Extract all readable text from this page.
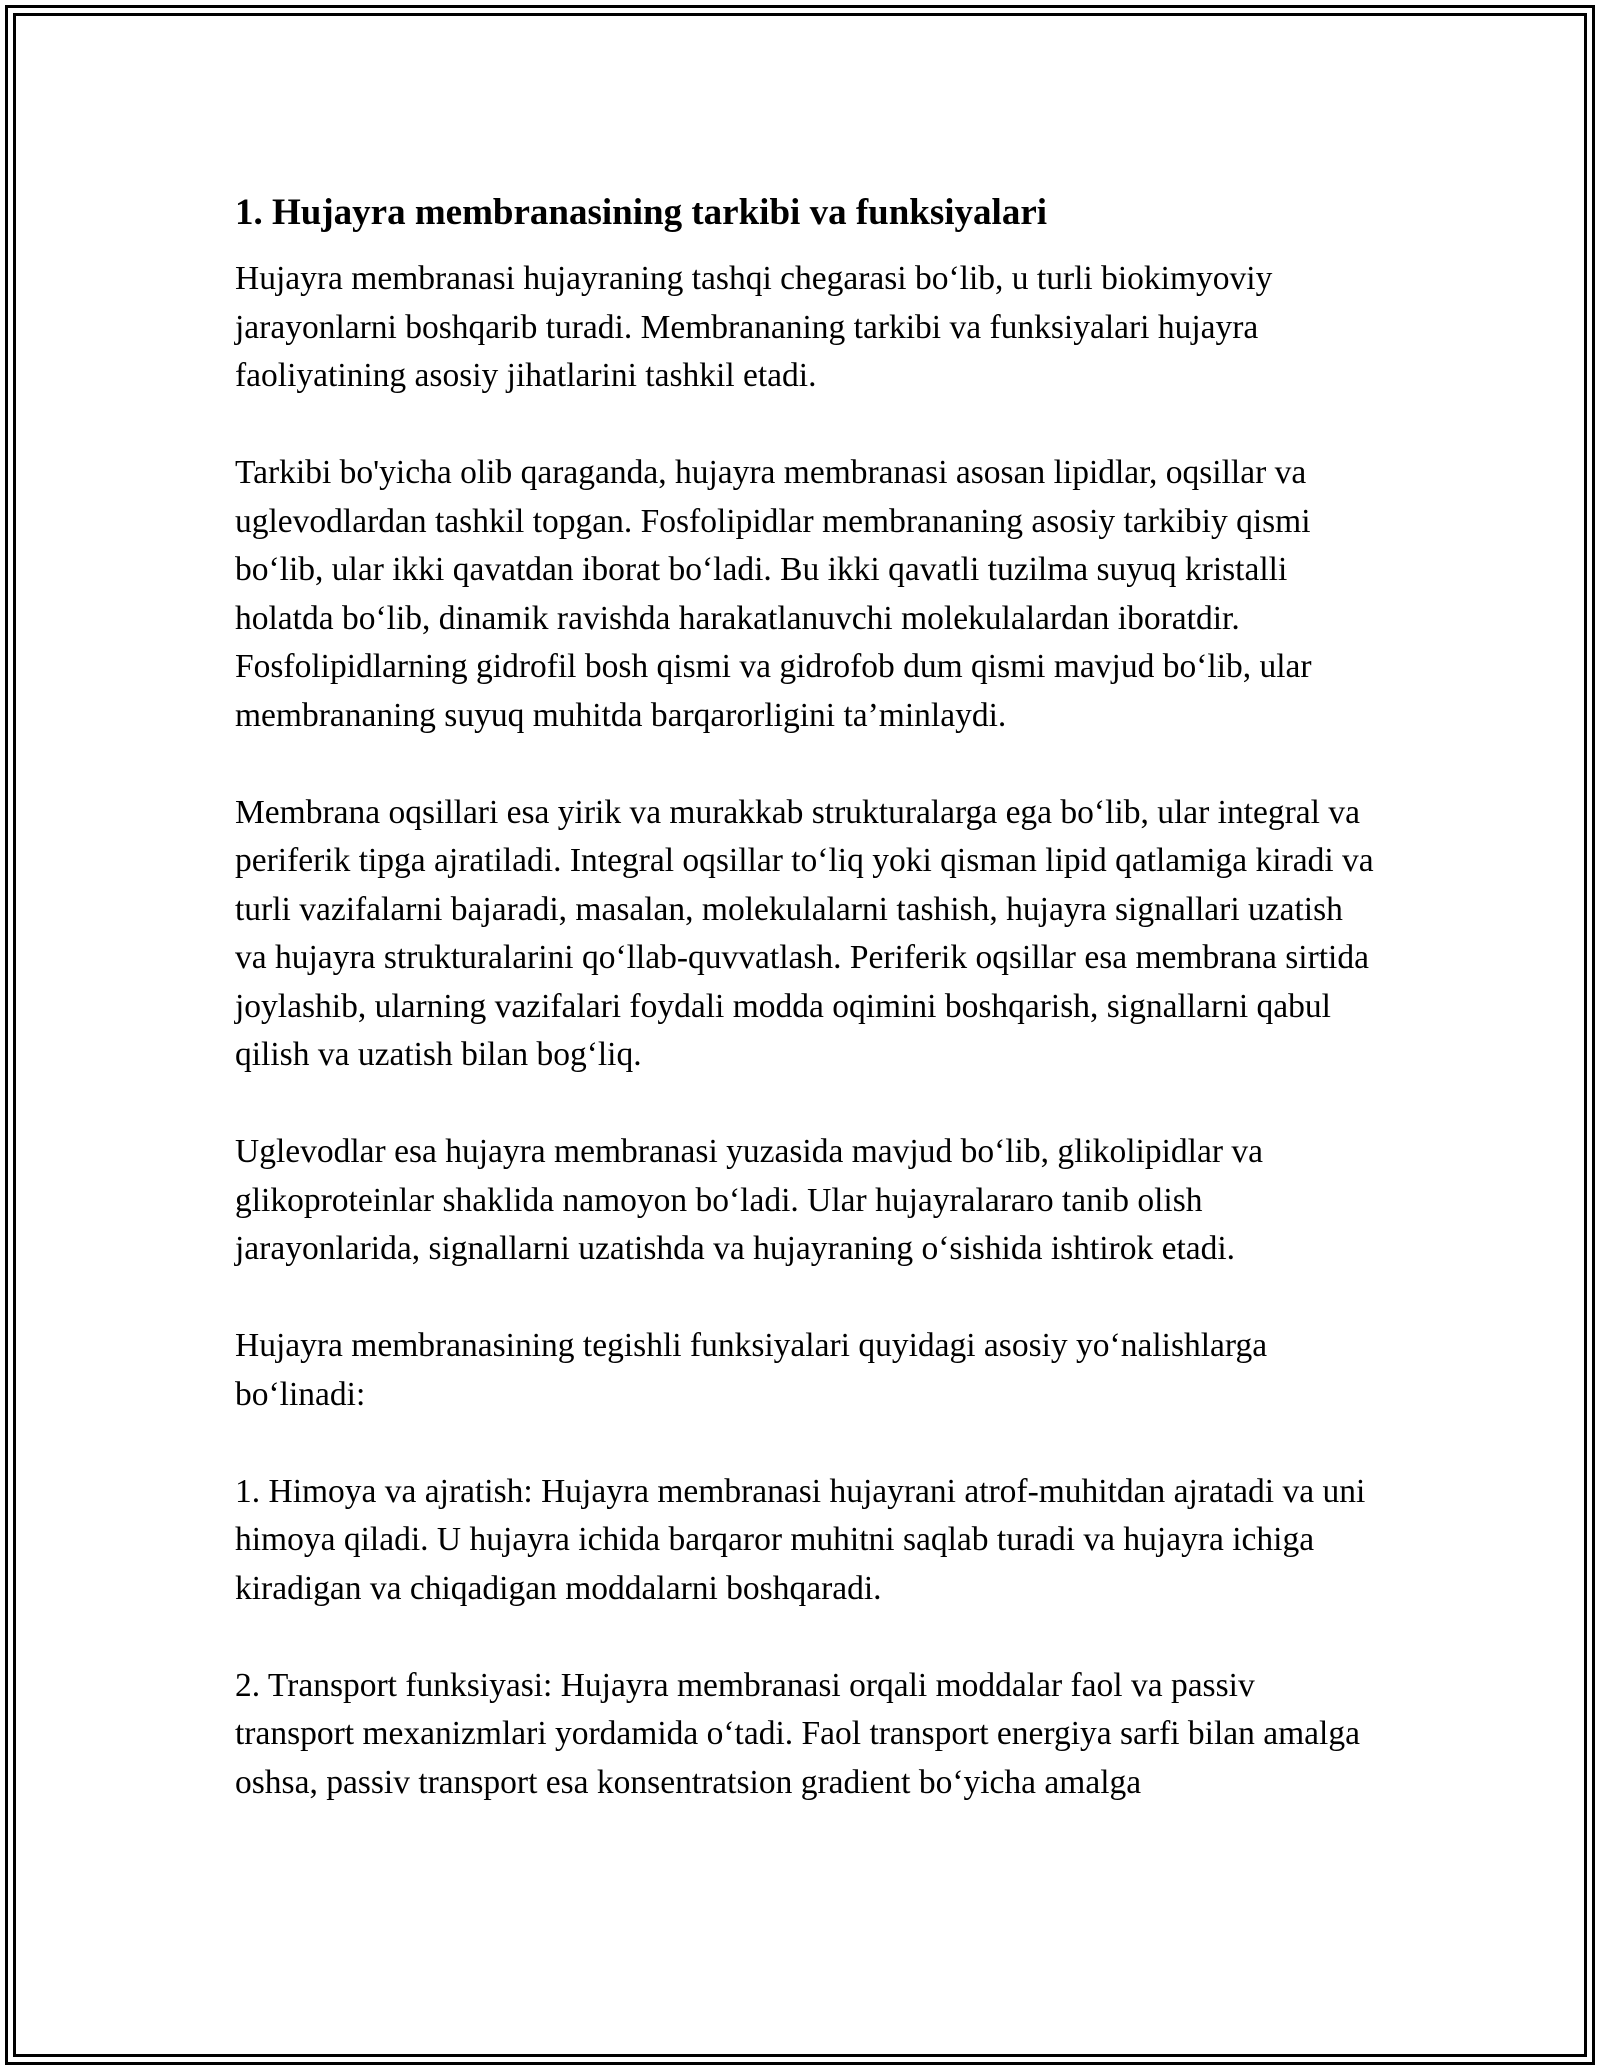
1. Hujayra membranasining tarkibi va funksiyalari

Hujayra membranasi hujayraning tashqi chegarasi bo‘lib, u turli biokimyoviy jarayonlarni boshqarib turadi. Membrananing tarkibi va funksiyalari hujayra faoliyatining asosiy jihatlarini tashkil etadi.

Tarkibi bo'yicha olib qaraganda, hujayra membranasi asosan lipidlar, oqsillar va uglevodlardan tashkil topgan. Fosfolipidlar membrananing asosiy tarkibiy qismi bo‘lib, ular ikki qavatdan iborat bo‘ladi. Bu ikki qavatli tuzilma suyuq kristalli holatda bo‘lib, dinamik ravishda harakatlanuvchi molekulalardan iboratdir. Fosfolipidlarning gidrofil bosh qismi va gidrofob dum qismi mavjud bo‘lib, ular membrananing suyuq muhitda barqarorligini ta’minlaydi.

Membrana oqsillari esa yirik va murakkab strukturalarga ega bo‘lib, ular integral va periferik tipga ajratiladi. Integral oqsillar to‘liq yoki qisman lipid qatlamiga kiradi va turli vazifalarni bajaradi, masalan, molekulalarni tashish, hujayra signallari uzatish va hujayra strukturalarini qo‘llab-quvvatlash. Periferik oqsillar esa membrana sirtida joylashib, ularning vazifalari foydali modda oqimini boshqarish, signallarni qabul qilish va uzatish bilan bog‘liq.

Uglevodlar esa hujayra membranasi yuzasida mavjud bo‘lib, glikolipidlar va glikoproteinlar shaklida namoyon bo‘ladi. Ular hujayralararo tanib olish jarayonlarida, signallarni uzatishda va hujayraning o‘sishida ishtirok etadi.

Hujayra membranasining tegishli funksiyalari quyidagi asosiy yo‘nalishlarga bo‘linadi:

1. Himoya va ajratish: Hujayra membranasi hujayrani atrof-muhitdan ajratadi va uni himoya qiladi. U hujayra ichida barqaror muhitni saqlab turadi va hujayra ichiga kiradigan va chiqadigan moddalarni boshqaradi.

2. Transport funksiyasi: Hujayra membranasi orqali moddalar faol va passiv transport mexanizmlari yordamida o‘tadi. Faol transport energiya sarfi bilan amalga oshsa, passiv transport esa konsentratsion gradient bo‘yicha amalga
